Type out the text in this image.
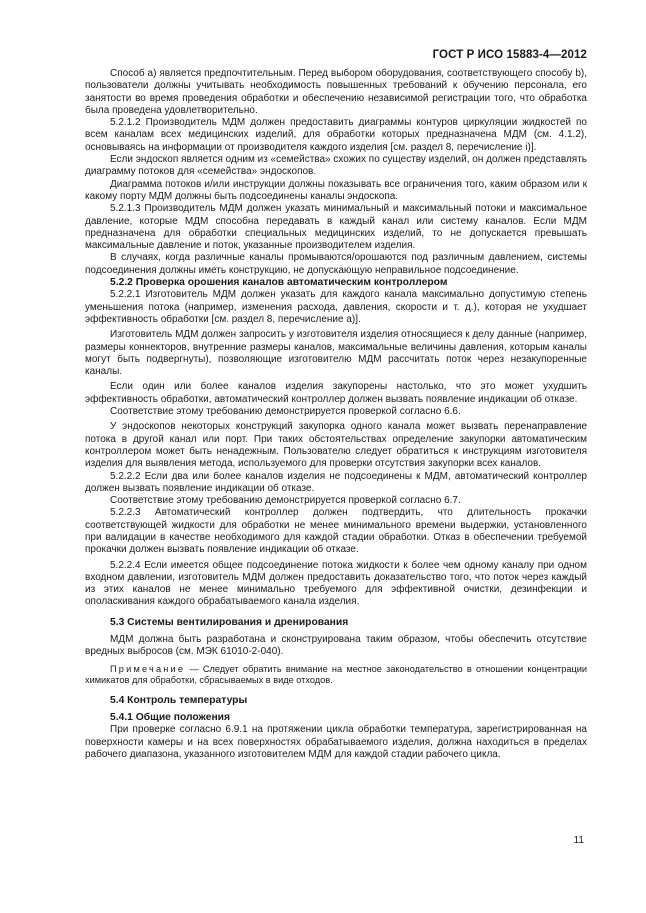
ГОСТ Р ИСО 15883-4—2012

Способ а) является предпочтительным. Перед выбором оборудования, соответствующего способу b), пользователи должны учитывать необходимость повышенных требований к обучению персонала, его занятости во время проведения обработки и обеспечению независимой регистрации того, что обработка была проведена удовлетворительно.

5.2.1.2 Производитель МДМ должен предоставить диаграммы контуров циркуляции жидкостей по всем каналам всех медицинских изделий, для обработки которых предназначена МДМ (см. 4.1.2), основываясь на информации от производителя каждого изделия [см. раздел 8, перечисление i)].

Если эндоскоп является одним из «семейства» схожих по существу изделий, он должен представлять диаграмму потоков для «семейства» эндоскопов.

Диаграмма потоков и/или инструкции должны показывать все ограничения того, каким образом или к какому порту МДМ должны быть подсоединены каналы эндоскопа.

5.2.1.3 Производитель МДМ должен указать минимальный и максимальный потоки и максимальное давление, которые МДМ способна передавать в каждый канал или систему каналов. Если МДМ предназначена для обработки специальных медицинских изделий, то не допускается превышать максимальные давление и поток, указанные производителем изделия.

В случаях, когда различные каналы промываются/орошаются под различным давлением, системы подсоединения должны иметь конструкцию, не допускающую неправильное подсоединение.

5.2.2 Проверка орошения каналов автоматическим контроллером

5.2.2.1 Изготовитель МДМ должен указать для каждого канала максимально допустимую степень уменьшения потока (например, изменения расхода, давления, скорости и т. д.), которая не ухудшает эффективность обработки [см. раздел 8, перечисление a)].

Изготовитель МДМ должен запросить у изготовителя изделия относящиеся к делу данные (например, размеры коннекторов, внутренние размеры каналов, максимальные величины давления, которым каналы могут быть подвергнуты), позволяющие изготовителю МДМ рассчитать поток через незакупоренные каналы.

Если один или более каналов изделия закупорены настолько, что это может ухудшить эффективность обработки, автоматический контроллер должен вызвать появление индикации об отказе.

Соответствие этому требованию демонстрируется проверкой согласно 6.6.

У эндоскопов некоторых конструкций закупорка одного канала может вызвать перенаправление потока в другой канал или порт. При таких обстоятельствах определение закупорки автоматическим контроллером может быть ненадежным. Пользователю следует обратиться к инструкциям изготовителя изделия для выявления метода, используемого для проверки отсутствия закупорки всех каналов.

5.2.2.2 Если два или более каналов изделия не подсоединены к МДМ, автоматический контроллер должен вызвать появление индикации об отказе.

Соответствие этому требованию демонстрируется проверкой согласно 6.7.

5.2.2.3 Автоматический контроллер должен подтвердить, что длительность прокачки соответствующей жидкости для обработки не менее минимального времени выдержки, установленного при валидации в качестве необходимого для каждой стадии обработки. Отказ в обеспечении требуемой прокачки должен вызвать появление индикации об отказе.

5.2.2.4 Если имеется общее подсоединение потока жидкости к более чем одному каналу при одном входном давлении, изготовитель МДМ должен предоставить доказательство того, что поток через каждый из этих каналов не менее минимально требуемого для эффективной очистки, дезинфекции и ополаскивания каждого обрабатываемого канала изделия.

5.3 Системы вентилирования и дренирования

МДМ должна быть разработана и сконструирована таким образом, чтобы обеспечить отсутствие вредных выбросов (см. МЭК 61010-2-040).

Примечание — Следует обратить внимание на местное законодательство в отношении концентрации химикатов для обработки, сбрасываемых в виде отходов.

5.4 Контроль температуры

5.4.1 Общие положения

При проверке согласно 6.9.1 на протяжении цикла обработки температура, зарегистрированная на поверхности камеры и на всех поверхностях обрабатываемого изделия, должна находиться в пределах рабочего диапазона, указанного изготовителем МДМ для каждой стадии рабочего цикла.

11
